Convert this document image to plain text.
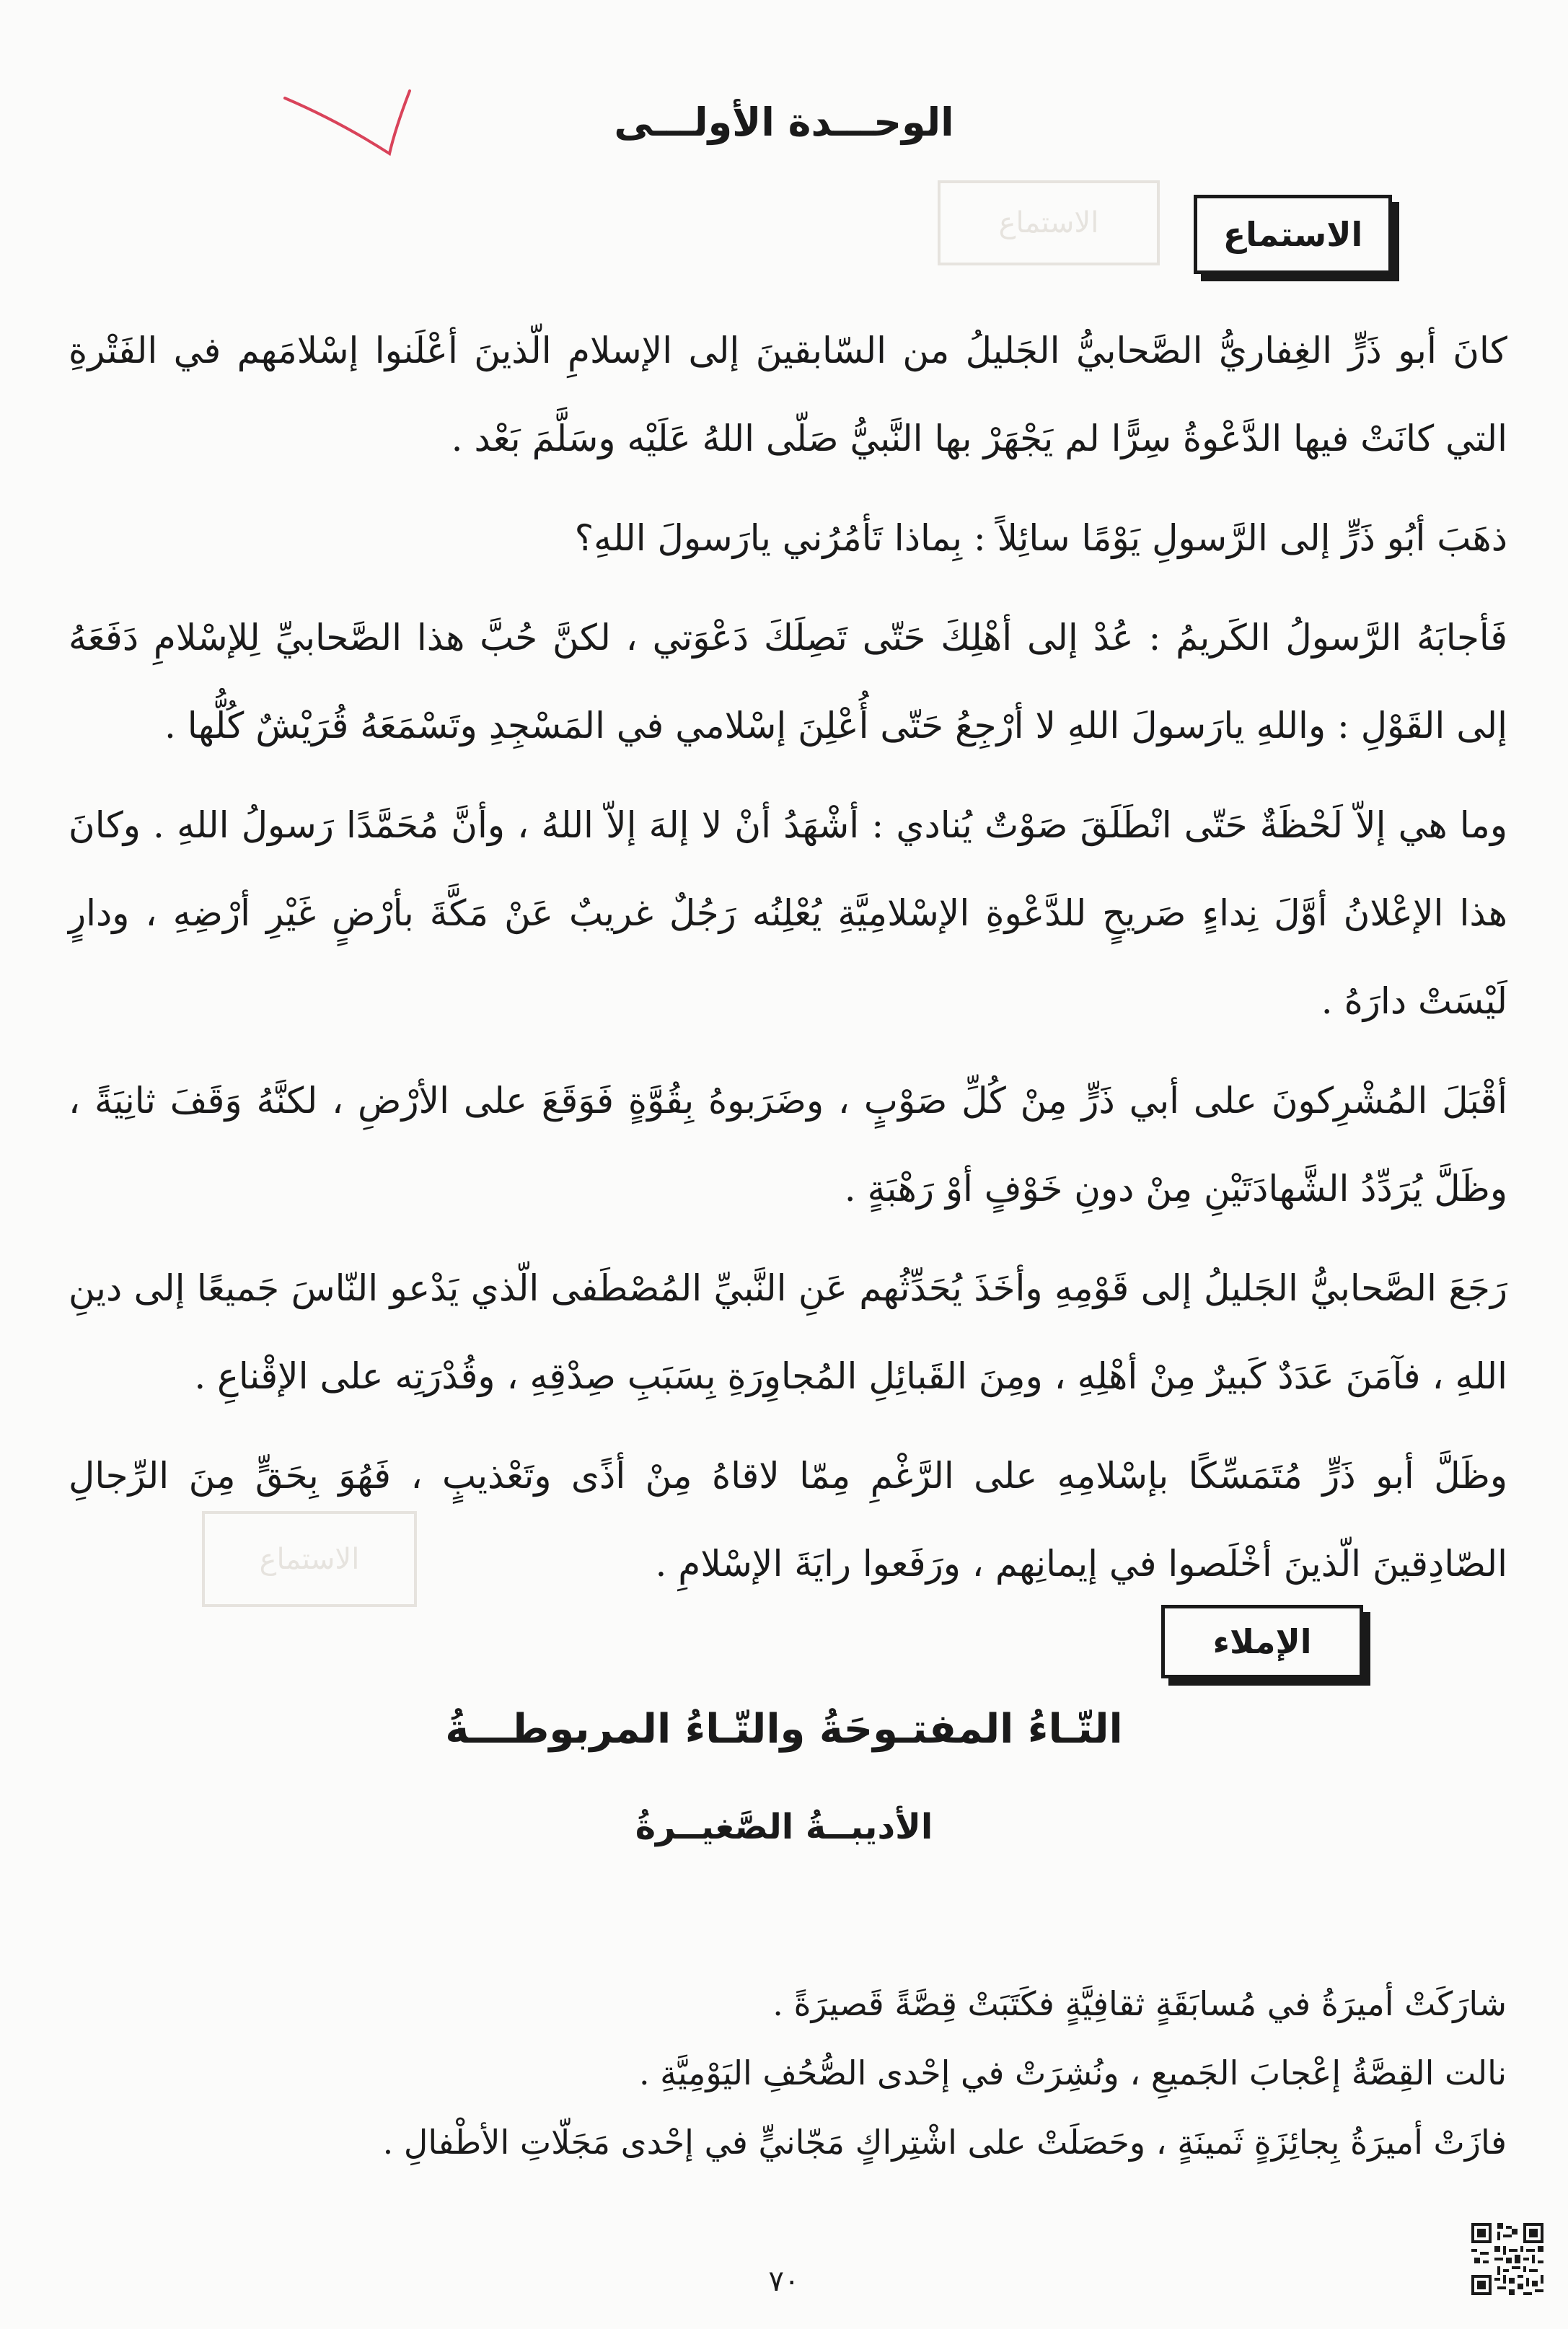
الوحـــدة الأولـــى
الاستماع	الاستماع

كانَ أبو ذَرٍّ الغِفاريُّ الصَّحابيُّ الجَليلُ من السّابقينَ إلى الإسلامِ الّذينَ أعْلَنوا إسْلامَهم في الفَتْرةِ التي كانَتْ فيها الدَّعْوةُ سِرًّا لم يَجْهَرْ بها النَّبيُّ صَلّى اللهُ عَلَيْه وسَلَّمَ بَعْد .

ذهَبَ أبُو ذَرٍّ إلى الرَّسولِ يَوْمًا سائِلاً : بِماذا تَأمُرُني يارَسولَ اللهِ؟

فَأجابَهُ الرَّسولُ الكَريمُ : عُدْ إلى أهْلِكَ حَتّى تَصِلَكَ دَعْوَتي ، لكنَّ حُبَّ هذا الصَّحابيِّ لِلإسْلامِ دَفَعَهُ إلى القَوْلِ : واللهِ يارَسولَ اللهِ لا أرْجِعُ حَتّى أُعْلِنَ إسْلامي في المَسْجِدِ وتَسْمَعَهُ قُرَيْشٌ كُلُّها .

وما هي إلاّ لَحْظَةٌ حَتّى انْطَلَقَ صَوْتٌ يُنادي : أشْهَدُ أنْ لا إلهَ إلاّ اللهُ ، وأنَّ مُحَمَّدًا رَسولُ اللهِ . وكانَ هذا الإعْلانُ أوَّلَ نِداءٍ صَريحٍ للدَّعْوةِ الإسْلامِيَّةِ يُعْلِنُه رَجُلٌ غريبٌ عَنْ مَكَّةَ بأرْضٍ غَيْرِ أرْضِهِ ، ودارٍ لَيْسَتْ دارَهُ .

أقْبَلَ المُشْرِكونَ على أبي ذَرٍّ مِنْ كُلِّ صَوْبٍ ، وضَرَبوهُ بِقُوَّةٍ فَوَقَعَ على الأرْضِ ، لكنَّهُ وَقَفَ ثانِيَةً ، وظَلَّ يُرَدِّدُ الشَّهادَتَيْنِ مِنْ دونِ خَوْفٍ أوْ رَهْبَةٍ .

رَجَعَ الصَّحابيُّ الجَليلُ إلى قَوْمِهِ وأخَذَ يُحَدِّثُهم عَنِ النَّبيِّ المُصْطَفى الّذي يَدْعو النّاسَ جَميعًا إلى دينِ اللهِ ، فآمَنَ عَدَدٌ كَبيرٌ مِنْ أهْلِهِ ، ومِنَ القَبائِلِ المُجاوِرَةِ بِسَبَبِ صِدْقِهِ ، وقُدْرَتِه على الإقْناعِ .

وظَلَّ أبو ذَرٍّ مُتَمَسِّكًا بإسْلامِهِ على الرَّغْمِ مِمّا لاقاهُ مِنْ أذًى وتَعْذيبٍ ، فَهُوَ بِحَقٍّ مِنَ الرِّجالِ الصّادِقينَ الّذينَ أخْلَصوا في إيمانِهم ، ورَفَعوا رايَةَ الإسْلامِ .

الاستماع
الإملاء
التّـاءُ المفتـوحَةُ والتّـاءُ المربوطـــةُ
الأديبــةُ الصَّغيــرةُ
شارَكَتْ أميرَةُ في مُسابَقَةٍ ثقافِيَّةٍ فكَتَبَتْ قِصَّةً قَصيرَةً .
نالت القِصَّةُ إعْجابَ الجَميعِ ، ونُشِرَتْ في إحْدى الصُّحُفِ اليَوْمِيَّةِ .
فازَتْ أميرَةُ بِجائِزَةٍ ثَمينَةٍ ، وحَصَلَتْ على اشْتِراكٍ مَجّانيٍّ في إحْدى مَجَلّاتِ الأطْفالِ .
٧٠
